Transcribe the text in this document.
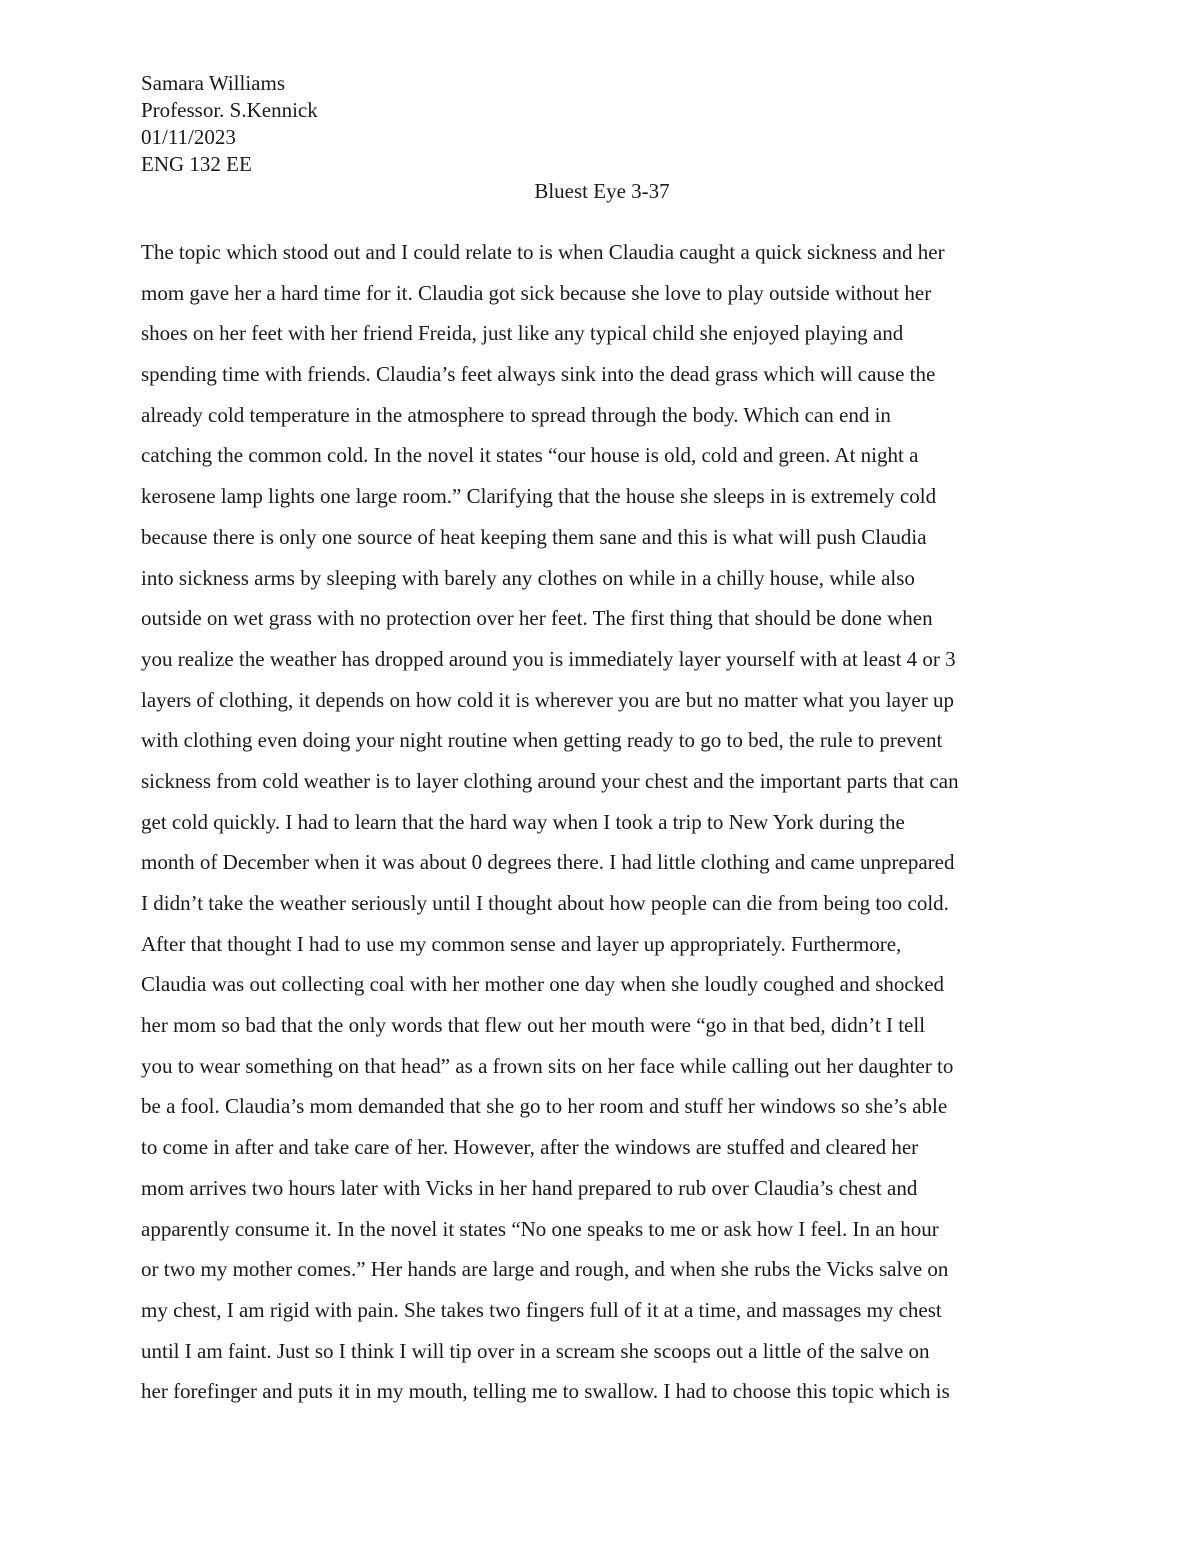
Samara Williams
Professor. S.Kennick
01/11/2023
ENG 132 EE
Bluest Eye 3-37
The topic which stood out and I could relate to is when Claudia caught a quick sickness and her
mom gave her a hard time for it. Claudia got sick because she love to play outside without her
shoes on her feet with her friend Freida, just like any typical child she enjoyed playing and
spending time with friends. Claudia’s feet always sink into the dead grass which will cause the
already cold temperature in the atmosphere to spread through the body. Which can end in
catching the common cold. In the novel it states “our house is old, cold and green. At night a
kerosene lamp lights one large room.” Clarifying that the house she sleeps in is extremely cold
because there is only one source of heat keeping them sane and this is what will push Claudia
into sickness arms by sleeping with barely any clothes on while in a chilly house, while also
outside on wet grass with no protection over her feet. The first thing that should be done when
you realize the weather has dropped around you is immediately layer yourself with at least 4 or 3
layers of clothing, it depends on how cold it is wherever you are but no matter what you layer up
with clothing even doing your night routine when getting ready to go to bed, the rule to prevent
sickness from cold weather is to layer clothing around your chest and the important parts that can
get cold quickly. I had to learn that the hard way when I took a trip to New York during the
month of December when it was about 0 degrees there. I had little clothing and came unprepared
I didn’t take the weather seriously until I thought about how people can die from being too cold.
After that thought I had to use my common sense and layer up appropriately. Furthermore,
Claudia was out collecting coal with her mother one day when she loudly coughed and shocked
her mom so bad that the only words that flew out her mouth were “go in that bed, didn’t I tell
you to wear something on that head” as a frown sits on her face while calling out her daughter to
be a fool. Claudia’s mom demanded that she go to her room and stuff her windows so she’s able
to come in after and take care of her. However, after the windows are stuffed and cleared her
mom arrives two hours later with Vicks in her hand prepared to rub over Claudia’s chest and
apparently consume it. In the novel it states “No one speaks to me or ask how I feel. In an hour
or two my mother comes.” Her hands are large and rough, and when she rubs the Vicks salve on
my chest, I am rigid with pain. She takes two fingers full of it at a time, and massages my chest
until I am faint. Just so I think I will tip over in a scream she scoops out a little of the salve on
her forefinger and puts it in my mouth, telling me to swallow. I had to choose this topic which is
